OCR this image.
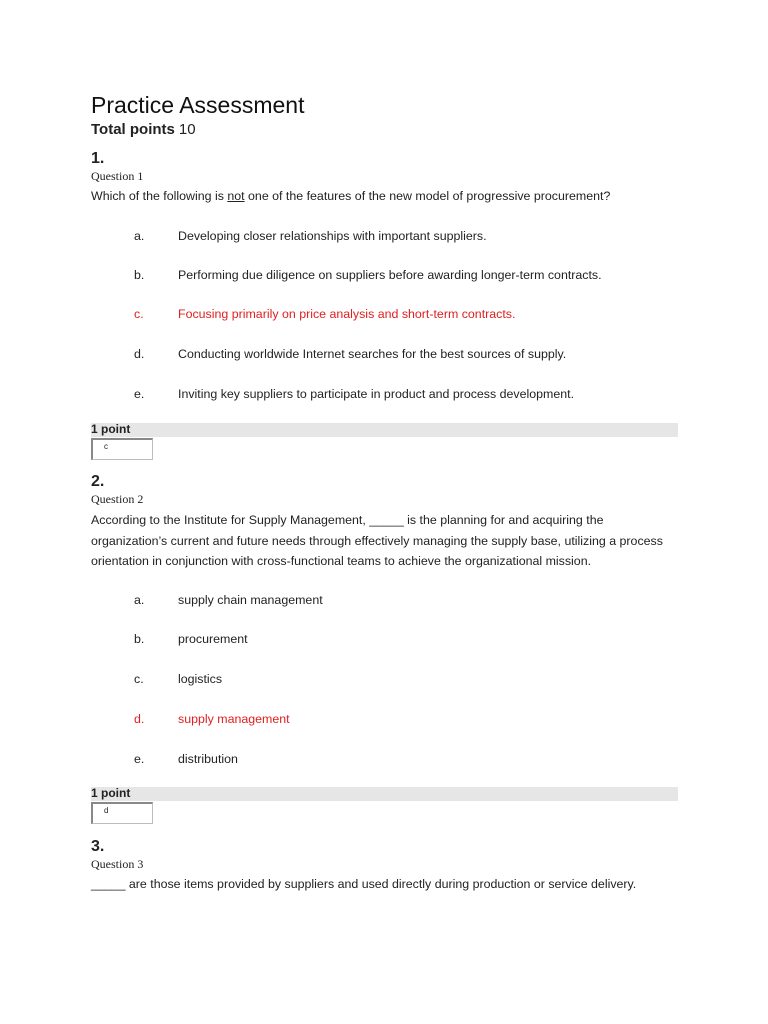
Practice Assessment
Total points 10
1.
Question 1
Which of the following is not one of the features of the new model of progressive procurement?
a.	Developing closer relationships with important suppliers.
b.	Performing due diligence on suppliers before awarding longer-term contracts.
c.	Focusing primarily on price analysis and short-term contracts.
d.	Conducting worldwide Internet searches for the best sources of supply.
e.	Inviting key suppliers to participate in product and process development.
1 point
c
2.
Question 2
According to the Institute for Supply Management, _____ is the planning for and acquiring the organization’s current and future needs through effectively managing the supply base, utilizing a process orientation in conjunction with cross-functional teams to achieve the organizational mission.
a.	supply chain management
b.	procurement
c.	logistics
d.	supply management
e.	distribution
1 point
d
3.
Question 3
_____ are those items provided by suppliers and used directly during production or service delivery.
